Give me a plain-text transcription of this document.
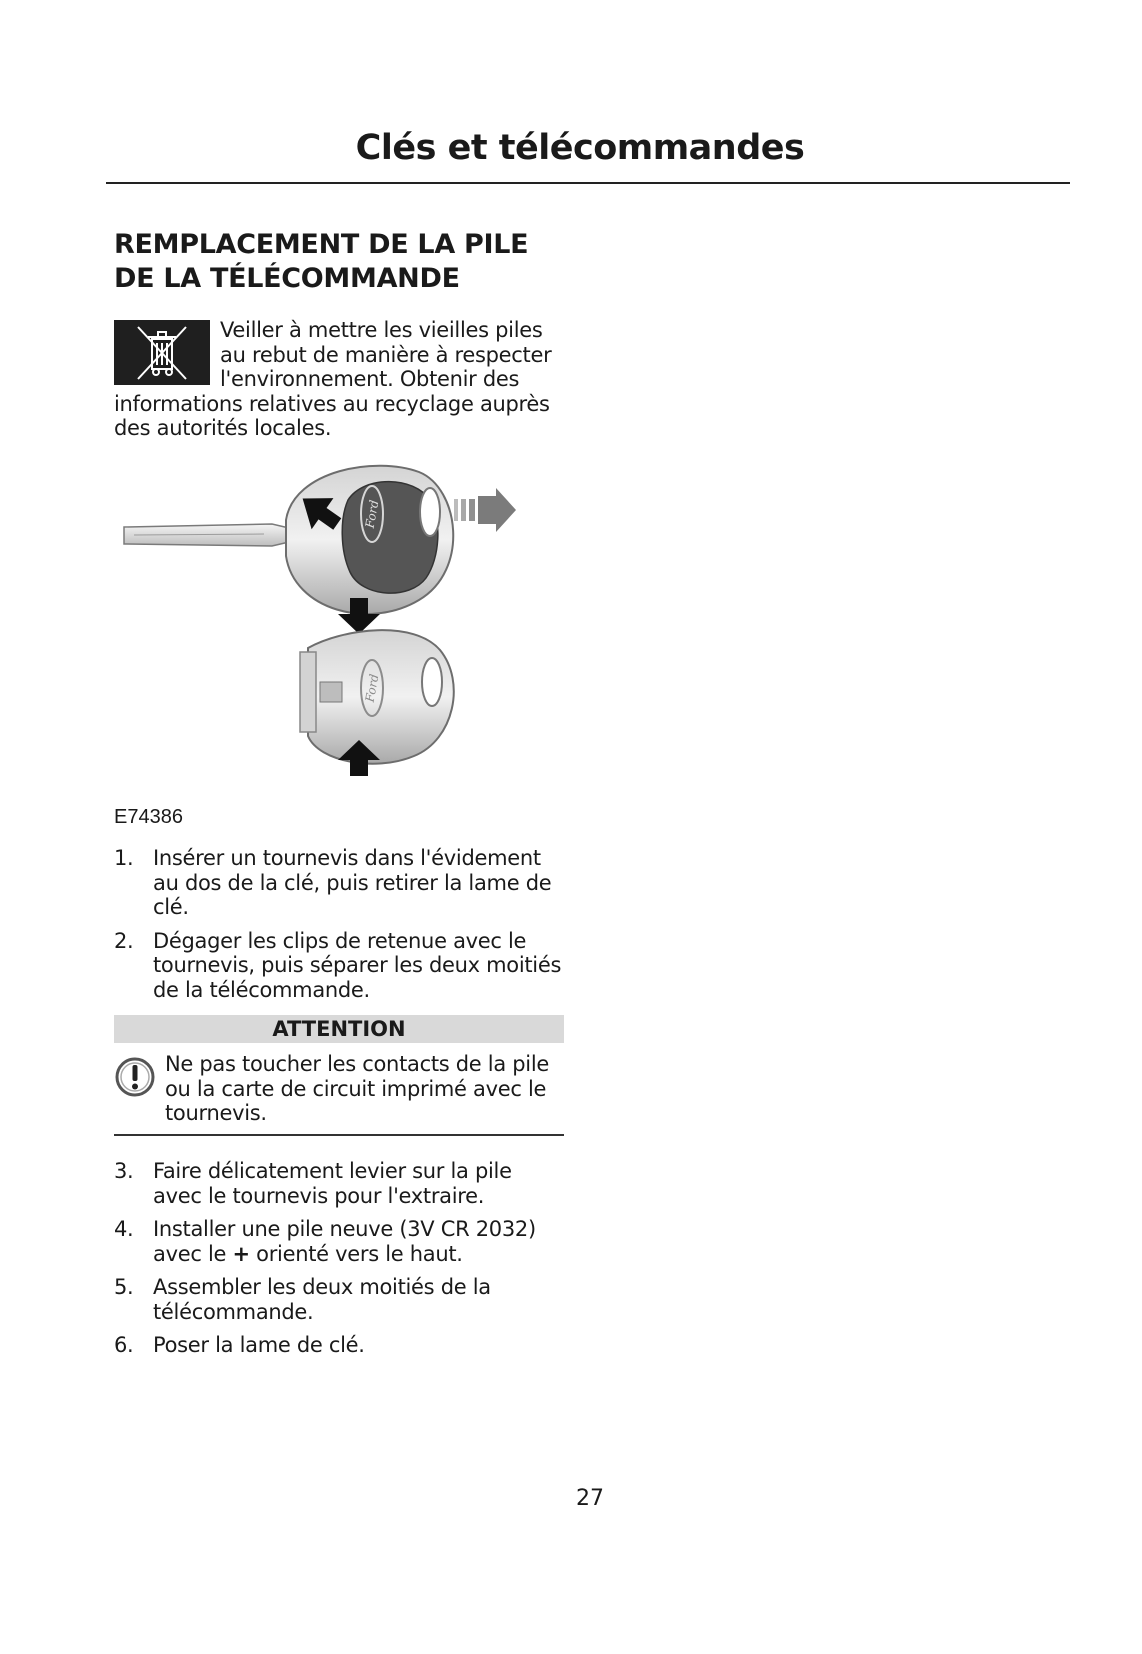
Clés et télécommandes
REMPLACEMENT DE LA PILE
DE LA TÉLÉCOMMANDE
Veiller à mettre les vieilles piles au rebut de manière à respecter l'environnement. Obtenir des informations relatives au recyclage auprès des autorités locales.
Ford
Ford
E74386
1. Insérer un tournevis dans l'évidement au dos de la clé, puis retirer la lame de clé.
2. Dégager les clips de retenue avec le tournevis, puis séparer les deux moitiés de la télécommande.
ATTENTION
Ne pas toucher les contacts de la pile ou la carte de circuit imprimé avec le tournevis.
3. Faire délicatement levier sur la pile avec le tournevis pour l'extraire.
4. Installer une pile neuve (3V CR 2032) avec le + orienté vers le haut.
5. Assembler les deux moitiés de la télécommande.
6. Poser la lame de clé.
27
